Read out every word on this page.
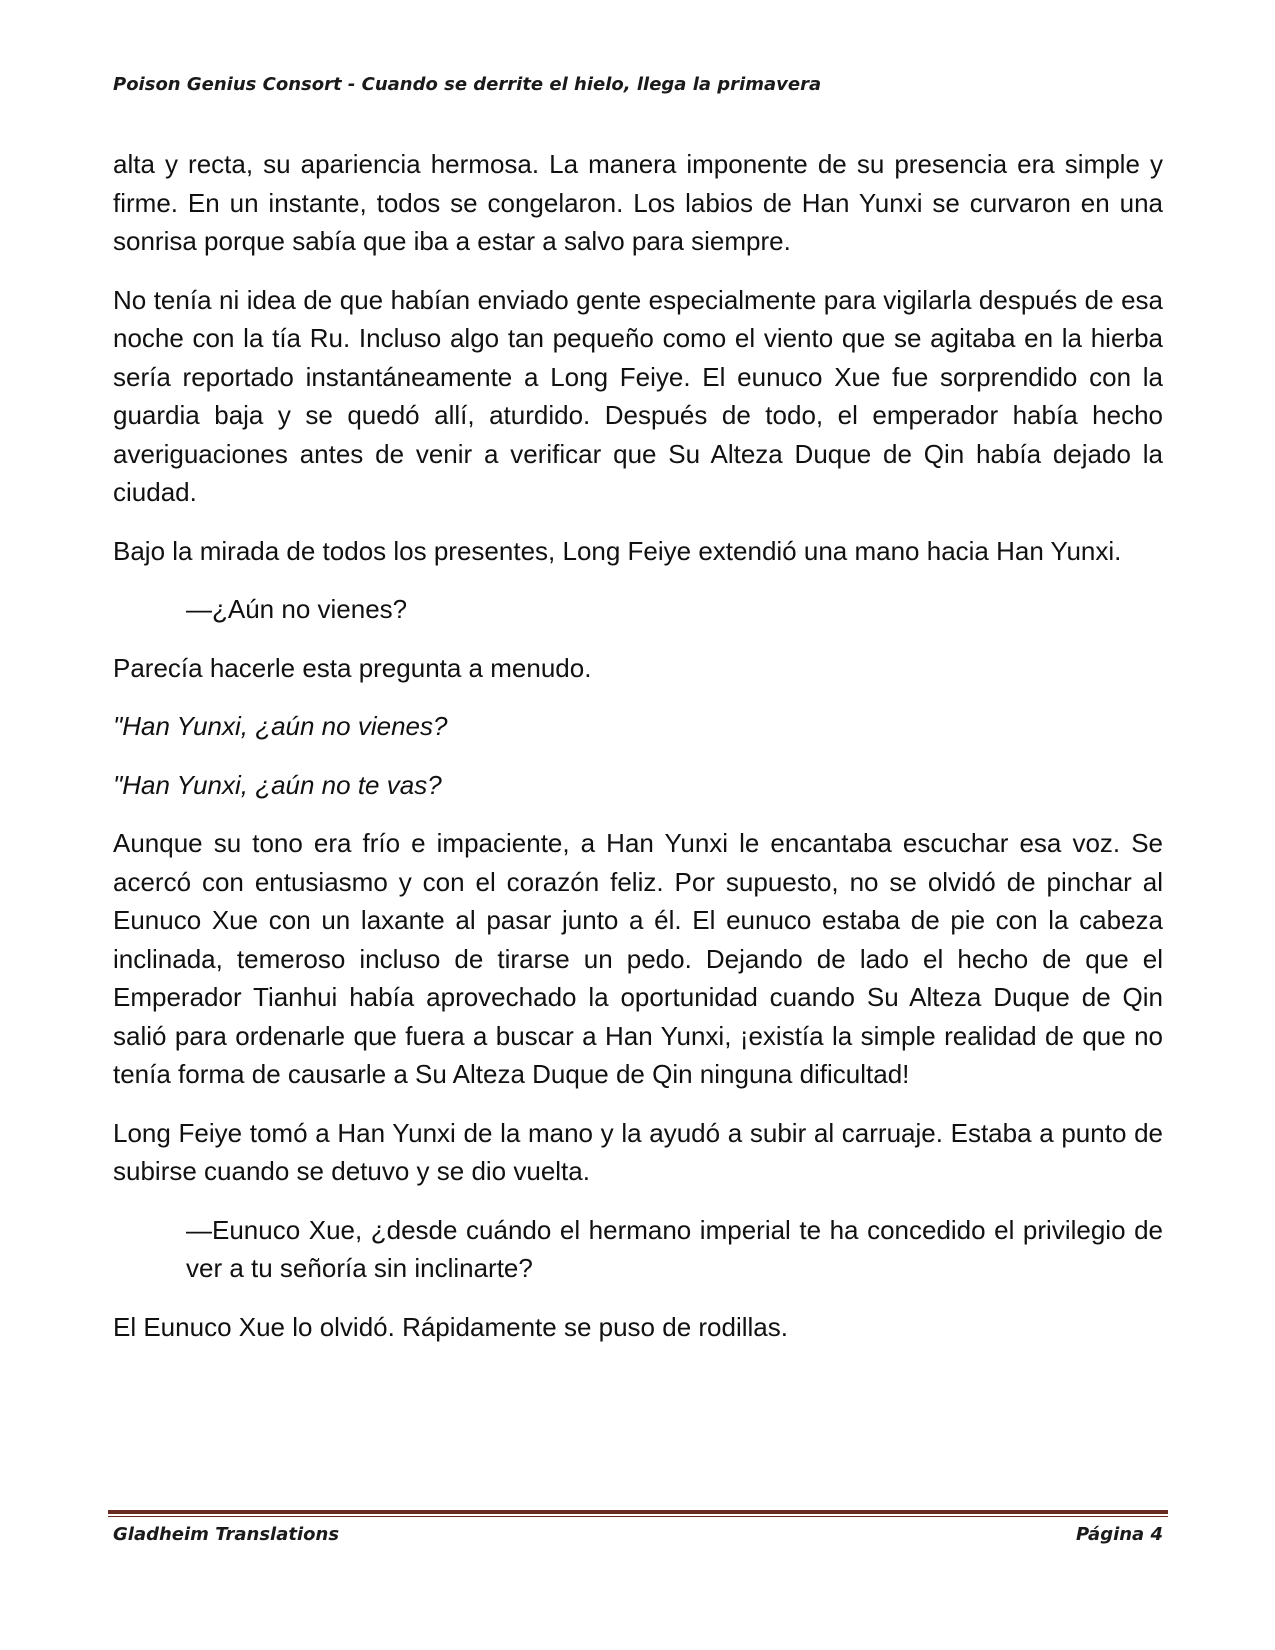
Poison Genius Consort - Cuando se derrite el hielo, llega la primavera

alta y recta, su apariencia hermosa. La manera imponente de su presencia era simple y firme. En un instante, todos se congelaron. Los labios de Han Yunxi se curvaron en una sonrisa porque sabía que iba a estar a salvo para siempre.

No tenía ni idea de que habían enviado gente especialmente para vigilarla después de esa noche con la tía Ru. Incluso algo tan pequeño como el viento que se agitaba en la hierba sería reportado instantáneamente a Long Feiye. El eunuco Xue fue sorprendido con la guardia baja y se quedó allí, aturdido. Después de todo, el emperador había hecho averiguaciones antes de venir a verificar que Su Alteza Duque de Qin había dejado la ciudad.

Bajo la mirada de todos los presentes, Long Feiye extendió una mano hacia Han Yunxi.

—¿Aún no vienes?

Parecía hacerle esta pregunta a menudo.

"Han Yunxi, ¿aún no vienes?

"Han Yunxi, ¿aún no te vas?

Aunque su tono era frío e impaciente, a Han Yunxi le encantaba escuchar esa voz. Se acercó con entusiasmo y con el corazón feliz. Por supuesto, no se olvidó de pinchar al Eunuco Xue con un laxante al pasar junto a él. El eunuco estaba de pie con la cabeza inclinada, temeroso incluso de tirarse un pedo. Dejando de lado el hecho de que el Emperador Tianhui había aprovechado la oportunidad cuando Su Alteza Duque de Qin salió para ordenarle que fuera a buscar a Han Yunxi, ¡existía la simple realidad de que no tenía forma de causarle a Su Alteza Duque de Qin ninguna dificultad!

Long Feiye tomó a Han Yunxi de la mano y la ayudó a subir al carruaje. Estaba a punto de subirse cuando se detuvo y se dio vuelta.

—Eunuco Xue, ¿desde cuándo el hermano imperial te ha concedido el privilegio de ver a tu señoría sin inclinarte?

El Eunuco Xue lo olvidó. Rápidamente se puso de rodillas.

Gladheim Translations	Página 4
